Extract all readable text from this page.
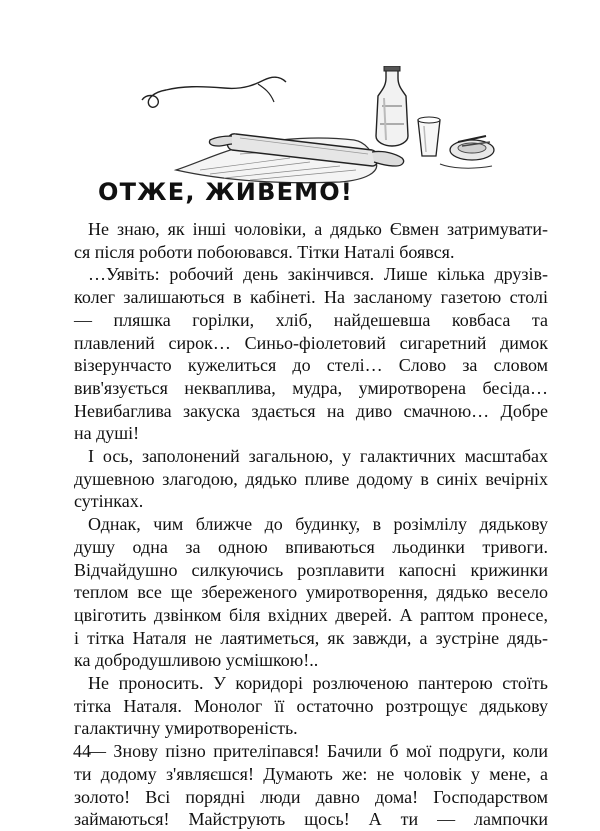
ОТЖЕ, ЖИВЕМО!

Не знаю, як інші чоловіки, а дядько Євмен затримувати-

ся після роботи побоювався. Тітки Наталі боявся.

…Уявіть: робочий день закінчився. Лише кілька друзів-

колег залишаються в кабінеті. На засланому газетою столі

— пляшка горілки, хліб, найдешевша ковбаса та

плавлений сирок… Синьо-фіолетовий сигаретний димок

візерунчасто кужелиться до стелі… Слово за словом

вив'язується некваплива, мудра, умиротворена бесіда…

Невибаглива закуска здається на диво смачною… Добре

на душі!

І ось, заполонений загальною, у галактичних масштабах

душевною злагодою, дядько пливе додому в синіх вечірніх

сутінках.

Однак, чим ближче до будинку, в розімлілу дядькову

душу одна за одною впиваються льодинки тривоги.

Відчайдушно силкуючись розплавити капосні крижинки

теплом все ще збереженого умиротворення, дядько весело

цвіготить дзвінком біля вхідних дверей. А раптом пронесе,

і тітка Наталя не лаятиметься, як завжди, а зустріне дядь-

ка добродушливою усмішкою!..

Не проносить. У коридорі розлюченою пантерою стоїть

тітка Наталя. Монолог її остаточно розтрощує дядькову

галактичну умиротвореність.

— Знову пізно прителіпався! Бачили б мої подруги, коли

ти додому з'являєшся! Думають же: не чоловік у мене, а

золото! Всі порядні люди давно дома! Господарством

займаються! Майструють щось! А ти — лампочки

44
